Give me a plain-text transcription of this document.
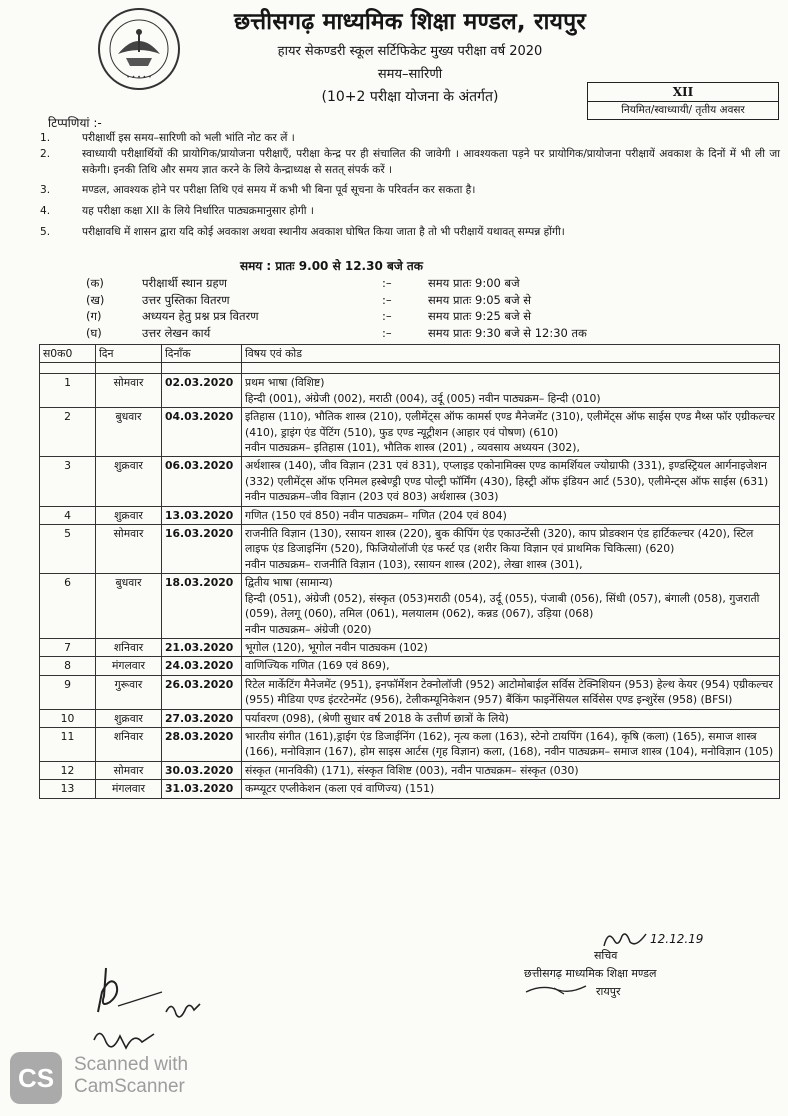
• • • • •
छत्तीसगढ़ माध्यमिक शिक्षा मण्डल, रायपुर
हायर सेकण्डरी स्कूल सर्टिफिकेट मुख्य परीक्षा वर्ष 2020
समय–सारिणी
(10+2 परीक्षा योजना के अंतर्गत)	XII
नियमित/स्वाध्यायी/ तृतीय अवसर
टिप्पणियां :-
1.	परीक्षार्थी इस समय–सारिणी को भली भांति नोट कर लें ।
2.	स्वाध्यायी परीक्षार्थियों की प्रायोगिक/प्रायोजना परीक्षाएँ, परीक्षा केन्द्र पर ही संचालित की जावेगी । आवश्यकता पड़ने पर प्रायोगिक/प्रायोजना परीक्षायें अवकाश के दिनों में भी ली जा सकेगी। इनकी तिथि और समय ज्ञात करने के लिये केन्द्राध्यक्ष से सतत् संपर्क करें ।
3.	मण्डल, आवश्यक होने पर परीक्षा तिथि एवं समय में कभी भी बिना पूर्व सूचना के परिवर्तन कर सकता है।
4.	यह परीक्षा कक्षा XII के लिये निर्धारित पाठ्यक्रमानुसार होगी ।
5.	परीक्षावधि में शासन द्वारा यदि कोई अवकाश अथवा स्थानीय अवकाश घोषित किया जाता है तो भी परीक्षायें यथावत् सम्पन्न होंगी।
समय : प्रातः 9.00 से 12.30 बजे तक
(क)	परीक्षार्थी स्थान ग्रहण	:–	समय प्रातः 9:00 बजे
(ख)	उत्तर पुस्तिका वितरण	:–	समय प्रातः 9:05 बजे से
(ग)	अध्ययन हेतु प्रश्न प्रत्र वितरण	:–	समय प्रातः 9:25 बजे से
(घ)	उत्तर लेखन कार्य	:–	समय प्रातः 9:30 बजे से 12:30 तक
स0क0	दिन	दिनाँक	विषय एवं कोड

1	सोमवार	02.03.2020	प्रथम भाषा (विशिष्ट)
हिन्दी (001), अंग्रेजी (002), मराठी (004), उर्दू (005) नवीन पाठ्यक्रम– हिन्दी (010)

2	बुधवार	04.03.2020	इतिहास (110), भौतिक शास्त्र (210), एलीमेंट्स ऑफ कामर्स एण्ड मैनेजमेंट (310), एलीमेंट्स ऑफ साईस एण्ड मैथ्स फॉर एग्रीकल्चर (410), ड्राइंग एंड पेंटिंग (510), फुड एण्ड न्यूट्रीशन (आहार एवं पोषण) (610)
नवीन पाठ्यक्रम– इतिहास (101), भौतिक शास्त्र (201) , व्यवसाय अध्ययन (302),

3	शुक्रवार	06.03.2020	अर्थशास्त्र (140), जीव विज्ञान (231 एवं 831), एप्लाइड एकोनामिक्स एण्ड कामर्शियल ज्योग्राफी (331), इण्डस्ट्रियल आर्गनाइजेशन (332) एलीमेंट्स ऑफ एनिमल हस्बेण्ड्री एण्ड पोल्ट्री फॉर्मिंग (430), हिस्ट्री ऑफ इंडियन आर्ट (530), एलीमेन्ट्स ऑफ साईस (631)
नवीन पाठ्यक्रम–जीव विज्ञान (203 एवं 803) अर्थशास्त्र (303)

4	शुक्रवार	13.03.2020	गणित (150 एवं 850) नवीन पाठ्यक्रम– गणित (204 एवं 804)

5	सोमवार	16.03.2020	राजनीति विज्ञान (130), रसायन शास्त्र (220), बुक कीपिंग एंड एकाउन्टेंसी (320), काप प्रोडक्शन एंड हार्टिकल्चर (420), स्टिल लाइफ एंड डिजाइनिंग (520), फिजियोलॉजी एंड फर्स्ट एड (शरीर किया विज्ञान एवं प्राथमिक चिकित्सा) (620)
नवीन पाठ्यक्रम– राजनीति विज्ञान (103), रसायन शास्त्र (202), लेखा शास्त्र (301),

6	बुधवार	18.03.2020	द्वितीय भाषा (सामान्य)
हिन्दी (051), अंग्रेजी (052), संस्कृत (053)मराठी (054), उर्दू (055), पंजाबी (056), सिंधी (057), बंगाली (058), गुजराती (059), तेलगू (060), तमिल (061), मलयालम (062), कन्नड (067), उड़िया (068)
नवीन पाठ्यक्रम– अंग्रेजी (020)

7	शनिवार	21.03.2020	भूगोल (120), भूगोल नवीन पाठ्यकम (102)

8	मंगलवार	24.03.2020	वाणिज्यिक गणित (169 एवं 869),

9	गुरूवार	26.03.2020	रिटेल मार्केटिंग मैनेजमेंट (951), इनफॉर्मेशन टेक्नोलॉजी (952) आटोमोबाईल सर्विस टेक्निशियन (953) हेल्थ केयर (954) एग्रीकल्चर (955) मीडिया एण्ड इंटरटेनमेंट (956), टेलीकम्यूनिकेशन (957) बैंकिंग फाइनेंसियल सर्विसेस एण्ड इन्शुरेंस (958) (BFSI)

10	शुक्रवार	27.03.2020	पर्यावरण (098), (श्रेणी सुधार वर्ष 2018 के उत्तीर्ण छात्रों के लिये)

11	शनिवार	28.03.2020	भारतीय संगीत (161),ड्राईग एंड डिजाईनिंग (162), नृत्य कला (163), स्टेनो टायपिंग (164), कृषि (कला) (165), समाज शास्त्र (166), मनोविज्ञान (167), होम साइस आर्टस (गृह विज्ञान) कला, (168), नवीन पाठ्यक्रम– समाज शास्त्र (104), मनोविज्ञान (105)

12	सोमवार	30.03.2020	संस्कृत (मानविकी) (171), संस्कृत विशिष्ट (003), नवीन पाठ्यक्रम– संस्कृत (030)

13	मंगलवार	31.03.2020	कम्प्यूटर एप्लीकेशन (कला एवं वाणिज्य) (151)
12.12.19
सचिव
छत्तीसगढ़ माध्यमिक शिक्षा मण्डल
रायपुर
CS	Scanned with
CamScanner
